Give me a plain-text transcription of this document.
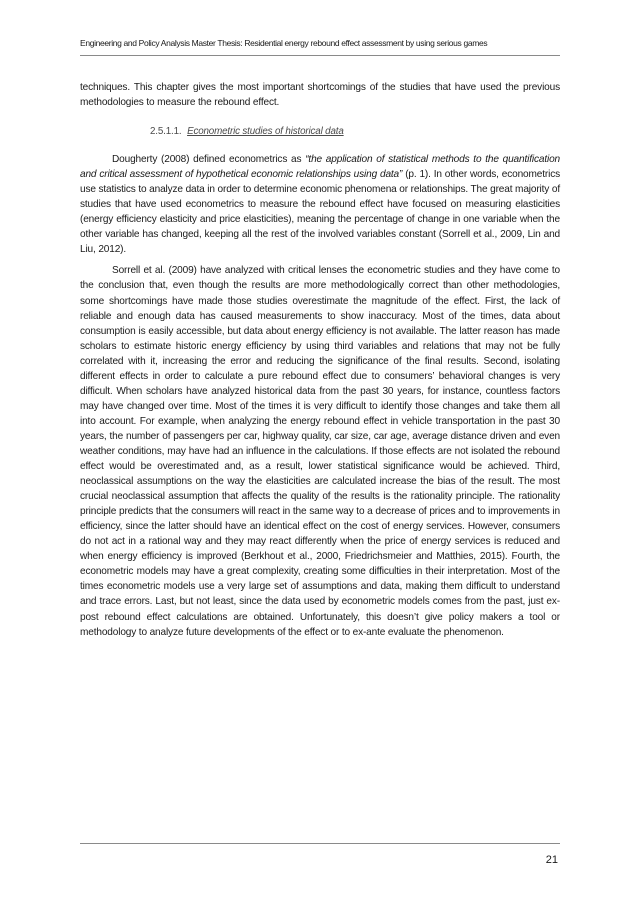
Engineering and Policy Analysis Master Thesis: Residential energy rebound effect assessment by using serious games

techniques. This chapter gives the most important shortcomings of the studies that have used the previous methodologies to measure the rebound effect.

2.5.1.1. Econometric studies of historical data

Dougherty (2008) defined econometrics as “the application of statistical methods to the quantification and critical assessment of hypothetical economic relationships using data” (p. 1). In other words, econometrics use statistics to analyze data in order to determine economic phenomena or relationships. The great majority of studies that have used econometrics to measure the rebound effect have focused on measuring elasticities (energy efficiency elasticity and price elasticities), meaning the percentage of change in one variable when the other variable has changed, keeping all the rest of the involved variables constant (Sorrell et al., 2009, Lin and Liu, 2012).

Sorrell et al. (2009) have analyzed with critical lenses the econometric studies and they have come to the conclusion that, even though the results are more methodologically correct than other methodologies, some shortcomings have made those studies overestimate the magnitude of the effect. First, the lack of reliable and enough data has caused measurements to show inaccuracy. Most of the times, data about consumption is easily accessible, but data about energy efficiency is not available. The latter reason has made scholars to estimate historic energy efficiency by using third variables and relations that may not be fully correlated with it, increasing the error and reducing the significance of the final results. Second, isolating different effects in order to calculate a pure rebound effect due to consumers’ behavioral changes is very difficult. When scholars have analyzed historical data from the past 30 years, for instance, countless factors may have changed over time. Most of the times it is very difficult to identify those changes and take them all into account. For example, when analyzing the energy rebound effect in vehicle transportation in the past 30 years, the number of passengers per car, highway quality, car size, car age, average distance driven and even weather conditions, may have had an influence in the calculations. If those effects are not isolated the rebound effect would be overestimated and, as a result, lower statistical significance would be achieved. Third, neoclassical assumptions on the way the elasticities are calculated increase the bias of the result. The most crucial neoclassical assumption that affects the quality of the results is the rationality principle. The rationality principle predicts that the consumers will react in the same way to a decrease of prices and to improvements in efficiency, since the latter should have an identical effect on the cost of energy services. However, consumers do not act in a rational way and they may react differently when the price of energy services is reduced and when energy efficiency is improved (Berkhout et al., 2000, Friedrichsmeier and Matthies, 2015). Fourth, the econometric models may have a great complexity, creating some difficulties in their interpretation. Most of the times econometric models use a very large set of assumptions and data, making them difficult to understand and trace errors. Last, but not least, since the data used by econometric models comes from the past, just ex-post rebound effect calculations are obtained. Unfortunately, this doesn’t give policy makers a tool or methodology to analyze future developments of the effect or to ex-ante evaluate the phenomenon.

21
